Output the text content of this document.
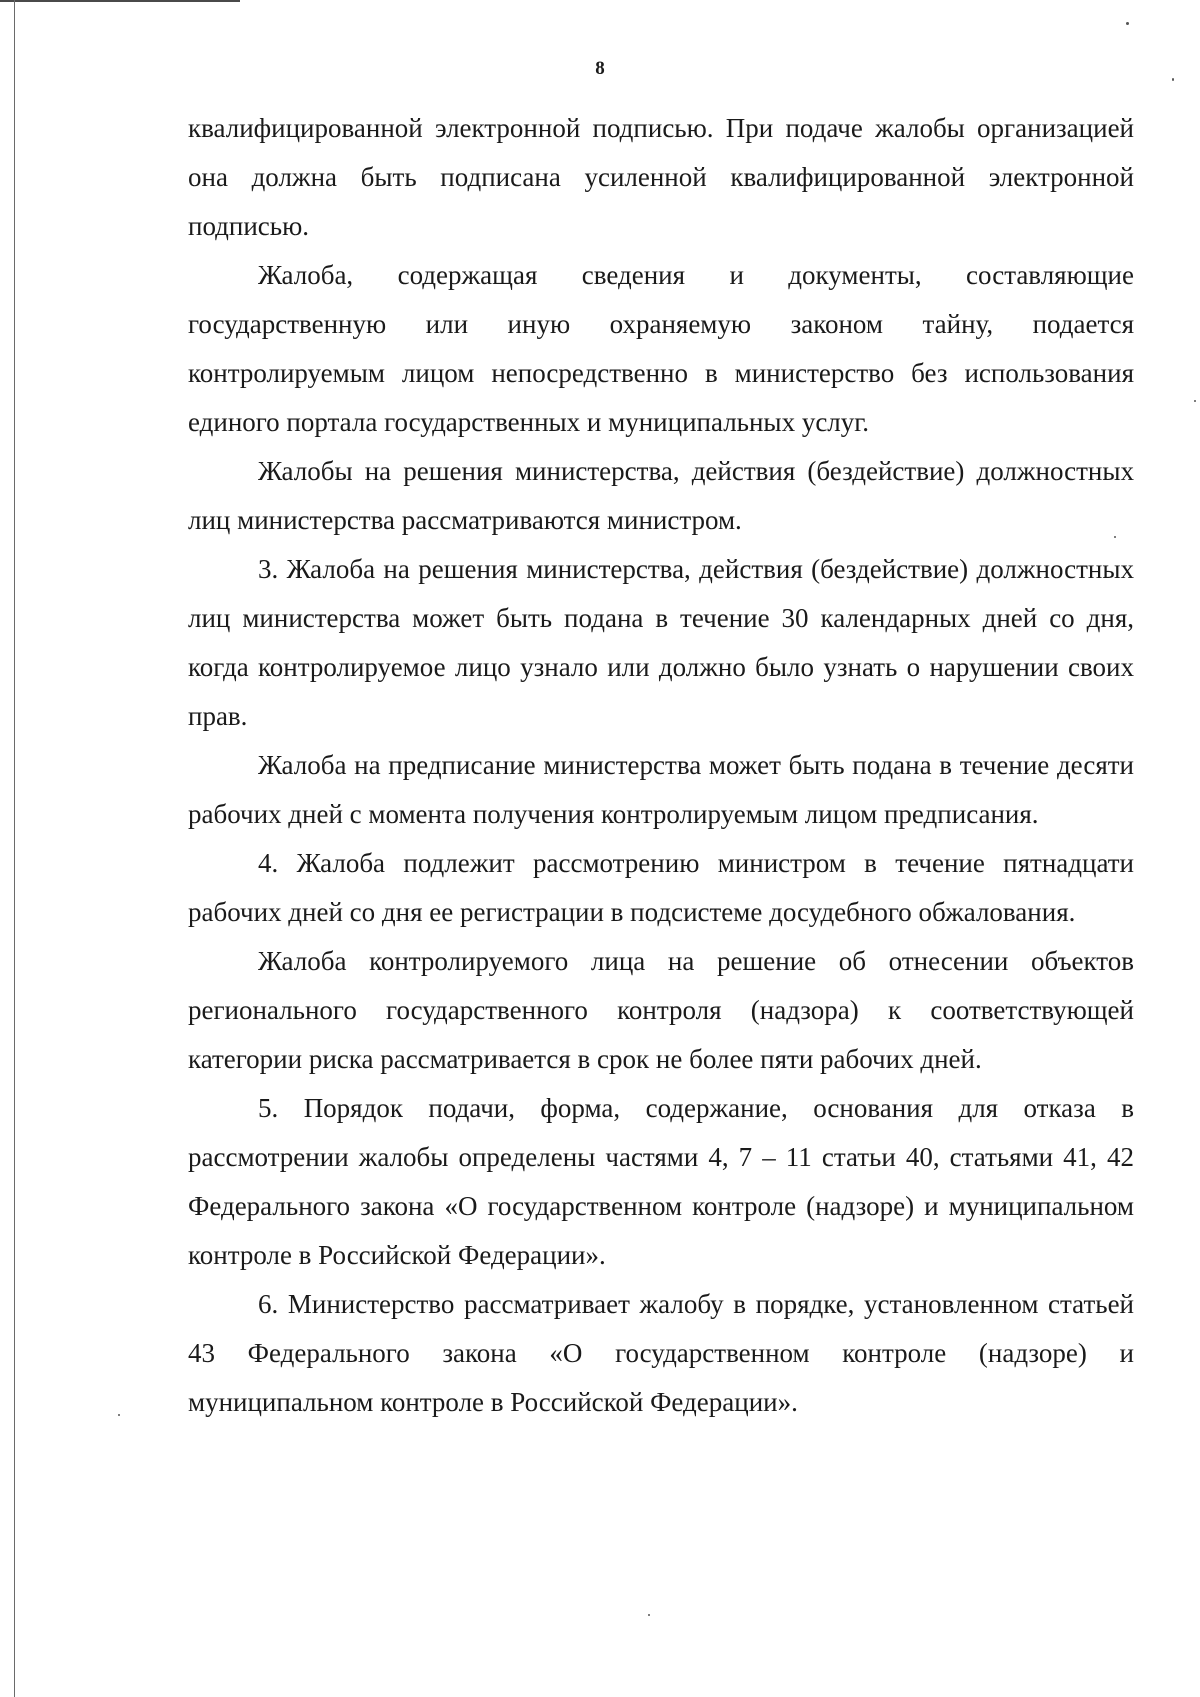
8

квалифицированной электронной подписью. При подаче жалобы организацией она должна быть подписана усиленной квалифицированной электронной подписью.

Жалоба, содержащая сведения и документы, составляющие государственную или иную охраняемую законом тайну, подается контролируемым лицом непосредственно в министерство без использования единого портала государственных и муниципальных услуг.

Жалобы на решения министерства, действия (бездействие) должностных лиц министерства рассматриваются министром.

3. Жалоба на решения министерства, действия (бездействие) должностных лиц министерства может быть подана в течение 30 календарных дней со дня, когда контролируемое лицо узнало или должно было узнать о нарушении своих прав.

Жалоба на предписание министерства может быть подана в течение десяти рабочих дней с момента получения контролируемым лицом предписания.

4. Жалоба подлежит рассмотрению министром в течение пятнадцати рабочих дней со дня ее регистрации в подсистеме досудебного обжалования.

Жалоба контролируемого лица на решение об отнесении объектов регионального государственного контроля (надзора) к соответствующей категории риска рассматривается в срок не более пяти рабочих дней.

5. Порядок подачи, форма, содержание, основания для отказа в рассмотрении жалобы определены частями 4, 7 – 11 статьи 40, статьями 41, 42 Федерального закона «О государственном контроле (надзоре) и муниципальном контроле в Российской Федерации».

6. Министерство рассматривает жалобу в порядке, установленном статьей 43 Федерального закона «О государственном контроле (надзоре) и муниципальном контроле в Российской Федерации».
